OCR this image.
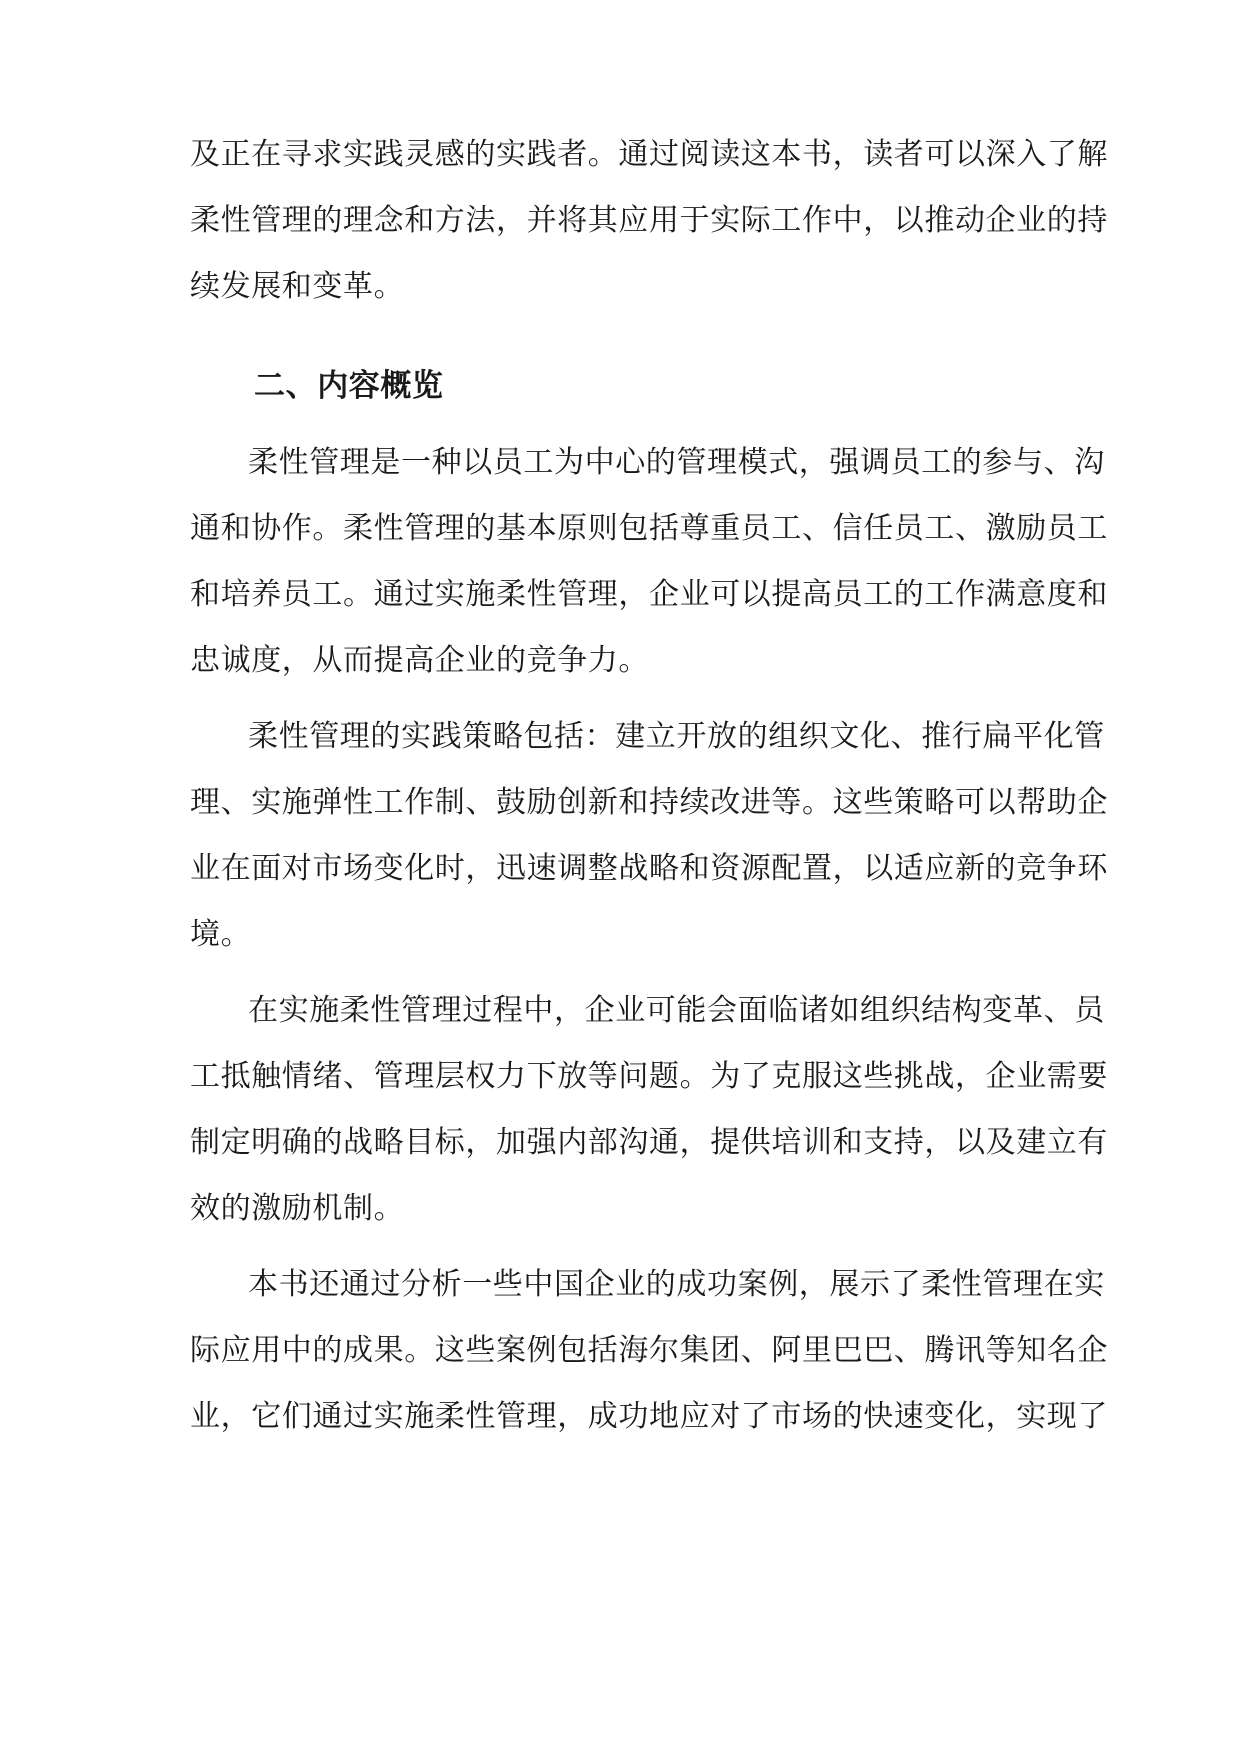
及正在寻求实践灵感的实践者。通过阅读这本书，读者可以深入了解
柔性管理的理念和方法，并将其应用于实际工作中，以推动企业的持
续发展和变革。
二、内容概览
柔性管理是一种以员工为中心的管理模式，强调员工的参与、沟
通和协作。柔性管理的基本原则包括尊重员工、信任员工、激励员工
和培养员工。通过实施柔性管理，企业可以提高员工的工作满意度和
忠诚度，从而提高企业的竞争力。
柔性管理的实践策略包括：建立开放的组织文化、推行扁平化管
理、实施弹性工作制、鼓励创新和持续改进等。这些策略可以帮助企
业在面对市场变化时，迅速调整战略和资源配置，以适应新的竞争环
境。
在实施柔性管理过程中，企业可能会面临诸如组织结构变革、员
工抵触情绪、管理层权力下放等问题。为了克服这些挑战，企业需要
制定明确的战略目标，加强内部沟通，提供培训和支持，以及建立有
效的激励机制。
本书还通过分析一些中国企业的成功案例，展示了柔性管理在实
际应用中的成果。这些案例包括海尔集团、阿里巴巴、腾讯等知名企
业，它们通过实施柔性管理，成功地应对了市场的快速变化，实现了
